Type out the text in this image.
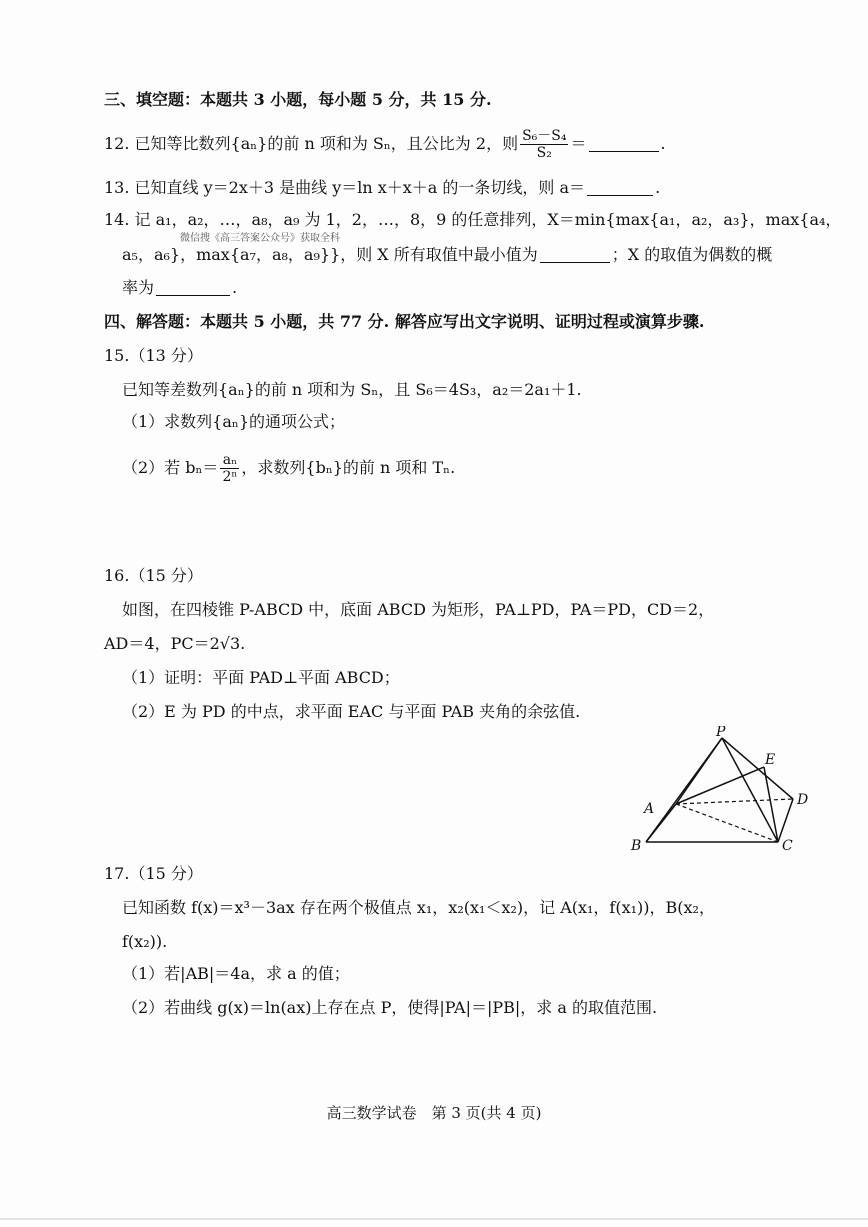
三、填空题：本题共 3 小题，每小题 5 分，共 15 分.
12. 已知等比数列{aₙ}的前 n 项和为 Sₙ，且公比为 2，则 $\frac{\text{S₆－S₄}}{\text{S₂}}$ ＝	.
13. 已知直线 y＝2x＋3 是曲线 y＝ln x＋x＋a 的一条切线，则 a＝	.
14. 记 a₁，a₂，…，a₈，a₉ 为 1，2，…，8，9 的任意排列，X＝min{max{a₁，a₂，a₃}，max{a₄，
微信搜《高三答案公众号》获取全科
a₅，a₆}，max{a₇，a₈，a₉}}，则 X 所有取值中最小值为	；X 的取值为偶数的概
率为	.
四、解答题：本题共 5 小题，共 77 分. 解答应写出文字说明、证明过程或演算步骤.
15.（13 分）
已知等差数列{aₙ}的前 n 项和为 Sₙ，且 S₆＝4S₃，a₂＝2a₁＋1.
（1）求数列{aₙ}的通项公式；
（2）若 $b_n= \frac{\text{aₙ}}{\text{2ⁿ}}$ ，求数列{bₙ}的前 n 项和 Tₙ.
16.（15 分）
如图，在四棱锥 P-ABCD 中，底面 ABCD 为矩形，PA⊥PD，PA＝PD，CD＝2，
AD＝4，PC＝2√3.
（1）证明：平面 PAD⊥平面 ABCD；
（2）E 为 PD 的中点，求平面 EAC 与平面 PAB 夹角的余弦值.
P
E
A
D
B	C
17.（15 分）
已知函数 f(x)＝x³－3ax 存在两个极值点 x₁，x₂(x₁＜x₂)，记 A(x₁，f(x₁))，B(x₂，
f(x₂)).
（1）若|AB|＝4a，求 a 的值；
（2）若曲线 g(x)＝ln(ax)上存在点 P，使得|PA|＝|PB|，求 a 的取值范围.
高三数学试卷　第 3 页(共 4 页)
